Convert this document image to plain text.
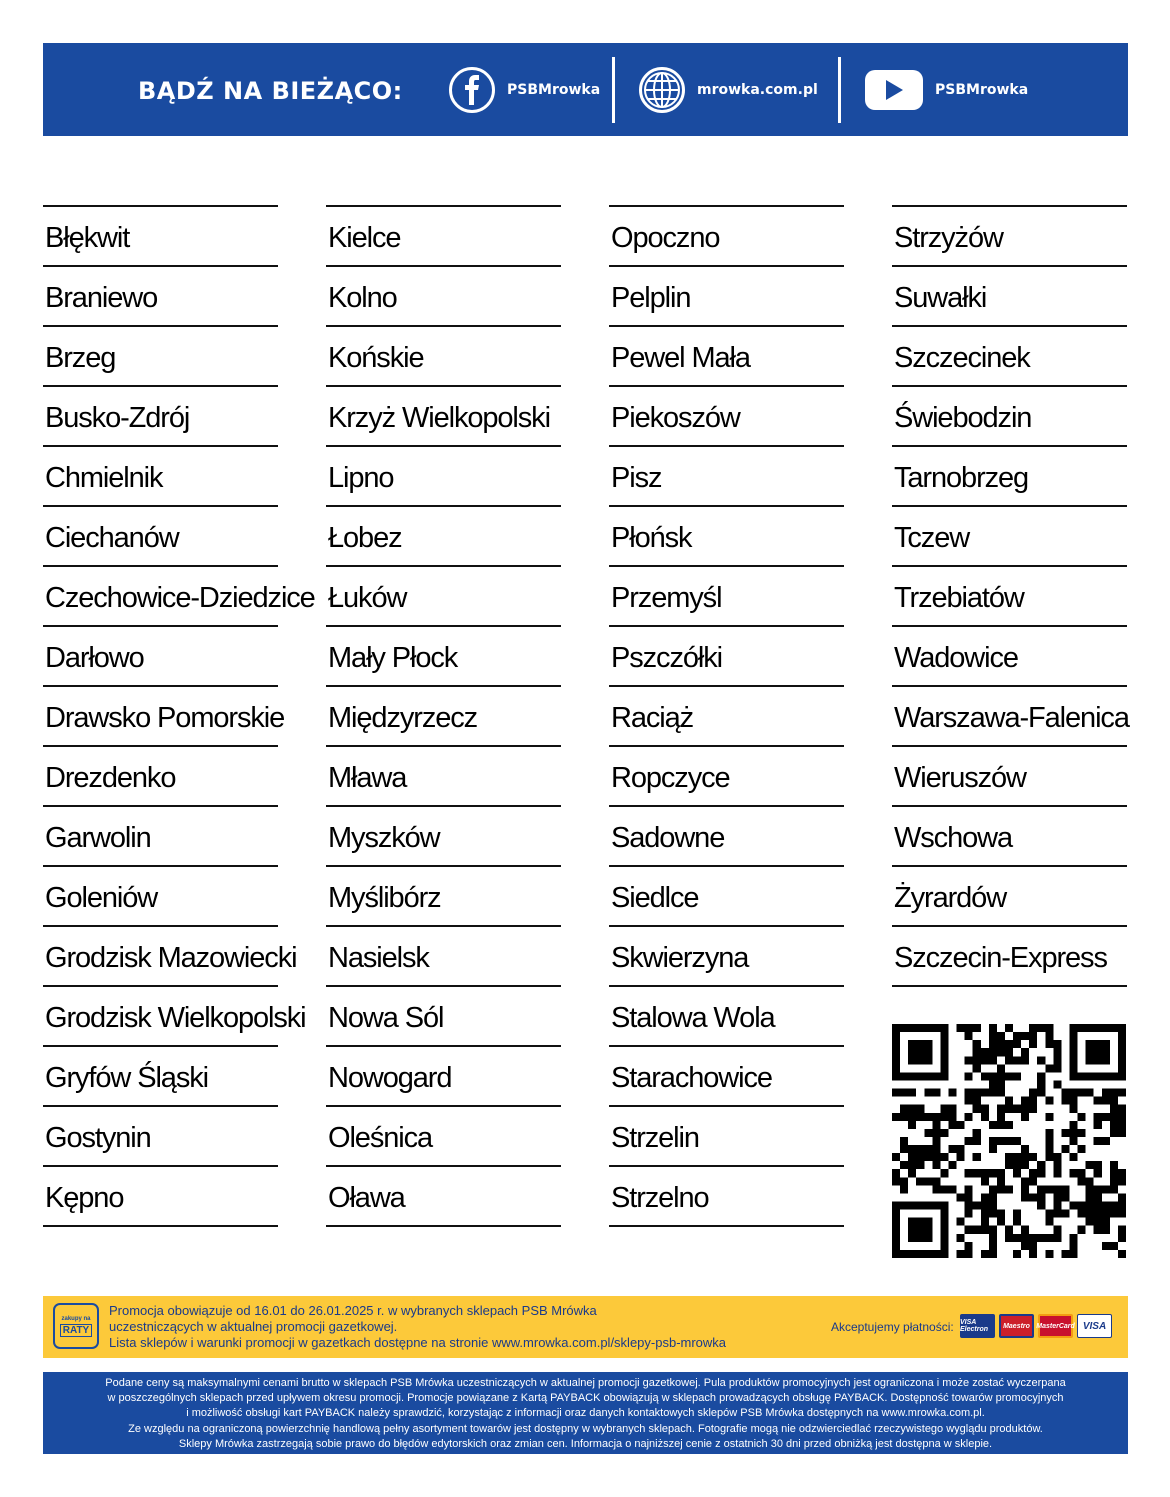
BĄDŹ NA BIEŻĄCO:	PSBMrowka	mrowka.com.pl	PSBMrowka
Błękwit
Braniewo
Brzeg
Busko-Zdrój
Chmielnik
Ciechanów
Czechowice-Dziedzice
Darłowo
Drawsko Pomorskie
Drezdenko
Garwolin
Goleniów
Grodzisk Mazowiecki
Grodzisk Wielkopolski
Gryfów Śląski
Gostynin
Kępno
Kielce
Kolno
Końskie
Krzyż Wielkopolski
Lipno
Łobez
Łuków
Mały Płock
Międzyrzecz
Mława
Myszków
Myślibórz
Nasielsk
Nowa Sól
Nowogard
Oleśnica
Oława
Opoczno
Pelplin
Pewel Mała
Piekoszów
Pisz
Płońsk
Przemyśl
Pszczółki
Raciąż
Ropczyce
Sadowne
Siedlce
Skwierzyna
Stalowa Wola
Starachowice
Strzelin
Strzelno
Strzyżów
Suwałki
Szczecinek
Świebodzin
Tarnobrzeg
Tczew
Trzebiatów
Wadowice
Warszawa-Falenica
Wieruszów
Wschowa
Żyrardów
Szczecin-Express
zakupy na
RATY
Promocja obowiązuje od 16.01 do 26.01.2025 r. w wybranych sklepach PSB Mrówka
uczestniczących w aktualnej promocji gazetkowej.
Lista sklepów i warunki promocji w gazetkach dostępne na stronie www.mrowka.com.pl/sklepy-psb-mrowka
Akceptujemy płatności: VISA Electron	Maestro MasterCard VISA
Podane ceny są maksymalnymi cenami brutto w sklepach PSB Mrówka uczestniczących w aktualnej promocji gazetkowej. Pula produktów promocyjnych jest ograniczona i może zostać wyczerpana
w poszczególnych sklepach przed upływem okresu promocji. Promocje powiązane z Kartą PAYBACK obowiązują w sklepach prowadzących obsługę PAYBACK. Dostępność towarów promocyjnych
i możliwość obsługi kart PAYBACK należy sprawdzić, korzystając z informacji oraz danych kontaktowych sklepów PSB Mrówka dostępnych na www.mrowka.com.pl.
Ze względu na ograniczoną powierzchnię handlową pełny asortyment towarów jest dostępny w wybranych sklepach. Fotografie mogą nie odzwierciedlać rzeczywistego wyglądu produktów.
Sklepy Mrówka zastrzegają sobie prawo do błędów edytorskich oraz zmian cen. Informacja o najniższej cenie z ostatnich 30 dni przed obniżką jest dostępna w sklepie.
